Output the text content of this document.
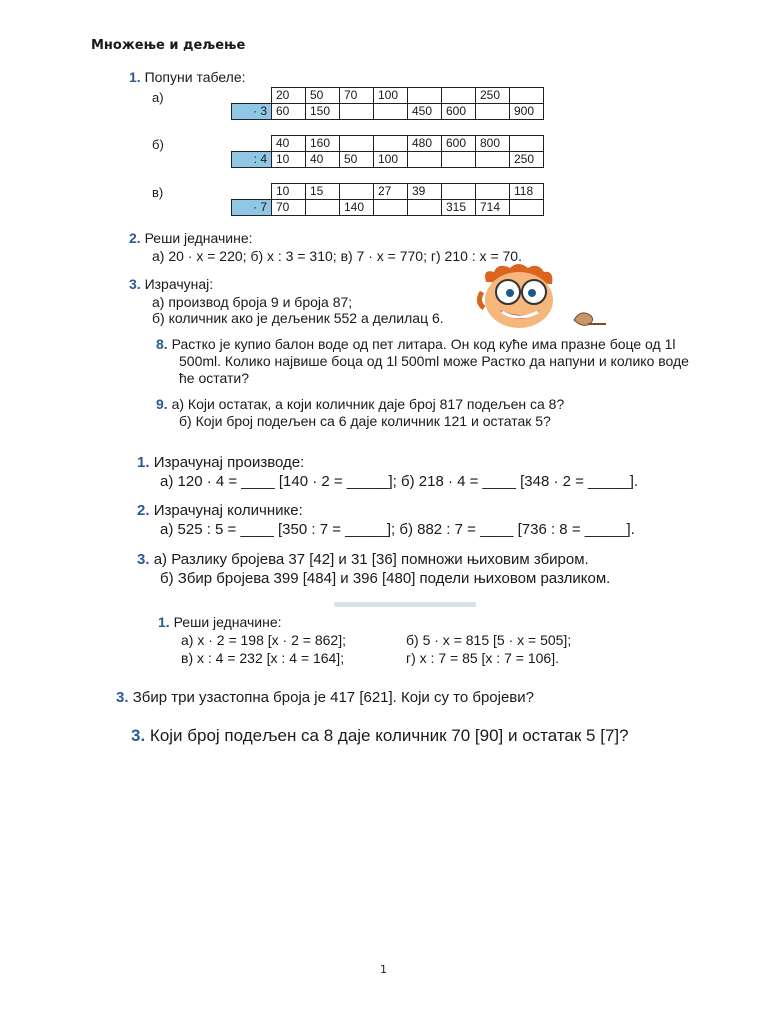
Множење и дељење
1. Попуни табеле:
а)
		20	50	70	100			250	
· 3	60	150			450	600		900
б)
		40	160			480	600	800	
: 4	10	40	50	100				250
в)
		10	15		27	39			118
· 7	70		140			315	714	
2. Реши једначине:
а) 20 · x = 220; б) x : 3 = 310; в) 7 · x = 770; г) 210 : x = 70.
3. Израчунај:
а) производ броја 9 и броја 87;
б) количник ако је дељеник 552 а делилац 6.
8. Растко је купио балон воде од пет литара. Он код куће има празне боце од 1l
500ml. Колико највише боца од 1l 500ml може Растко да напуни и колико воде
ће остати?
9. а) Који остатак, а који количник даје број 817 подељен са 8?
б) Који број подељен са 6 даје количник 121 и остатак 5?
1. Израчунај производе:
а) 120 · 4 = ____ [140 · 2 = _____]; б) 218 · 4 = ____ [348 · 2 = _____].
2. Израчунај количнике:
а) 525 : 5 = ____ [350 : 7 = _____]; б) 882 : 7 = ____ [736 : 8 = _____].
3. а) Разлику бројева 37 [42] и 31 [36] помножи њиховим збиром.
б) Збир бројева 399 [484] и 396 [480] подели њиховом разликом.
1. Реши једначине:
а) x · 2 = 198 [x · 2 = 862];	б) 5 · x = 815 [5 · x = 505];
в) x : 4 = 232 [x : 4 = 164];	г) x : 7 = 85 [x : 7 = 106].
3. Збир три узастопна броја је 417 [621]. Који су то бројеви?
3. Који број подељен са 8 даје количник 70 [90] и остатак 5 [7]?
1
